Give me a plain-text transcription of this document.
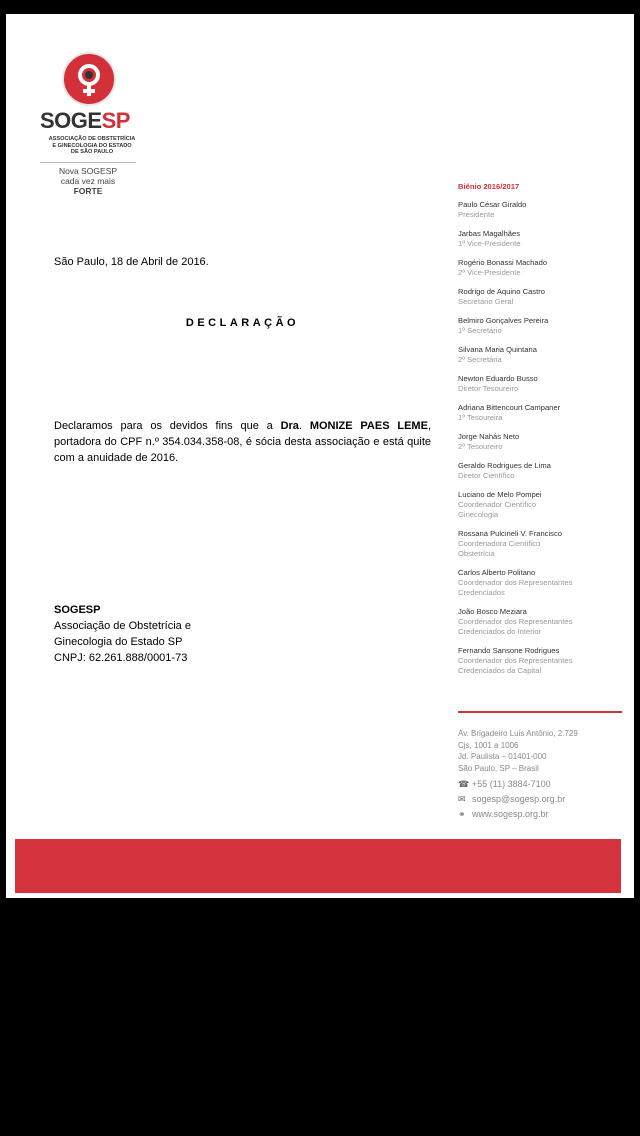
SOGESP
ASSOCIAÇÃO DE OBSTETRÍCIA
E GINECOLOGIA DO ESTADO
DE SÃO PAULO
Nova SOGESP
cada vez mais
FORTE
São Paulo, 18 de Abril de 2016.
DECLARAÇÃO
Declaramos para os devidos fins que a Dra. MONIZE PAES LEME, portadora do CPF n.º 354.034.358-08, é sócia desta associação e está quite com a anuidade de 2016.
SOGESP
Associação de Obstetrícia e
Ginecologia do Estado SP
CNPJ: 62.261.888/0001-73
Biênio 2016/2017
Paulo César Giraldo
Presidente
Jarbas Magalhães
1º Vice-Presidente
Rogério Bonassi Machado
2º Vice-Presidente
Rodrigo de Aquino Castro
Secretário Geral
Belmiro Gonçalves Pereira
1º Secretário
Silvana Maria Quintana
2º Secretária
Newton Eduardo Busso
Diretor Tesoureiro
Adriana Bittencourt Campaner
1º Tesoureira
Jorge Nahás Neto
2º Tesoureiro
Geraldo Rodrigues de Lima
Diretor Científico
Luciano de Melo Pompei
Coordenador Científico Ginecologia
Rossana Pulcineli V. Francisco
Coordenadora Científico Obstetrícia
Carlos Alberto Politano
Coordenador dos Representantes Credenciados
João Bosco Meziara
Coordenador dos Representantes Credenciados do Interior
Fernando Sansone Rodrigues
Coordenador dos Representantes Credenciados da Capital
Av. Brigadeiro Luis Antônio, 2.729
Cjs, 1001 a 1006
Jd. Paulista – 01401-000
São Paulo, SP – Brasil
☎ +55 (11) 3884-7100
✉ sogesp@sogesp.org.br
⚭ www.sogesp.org.br
